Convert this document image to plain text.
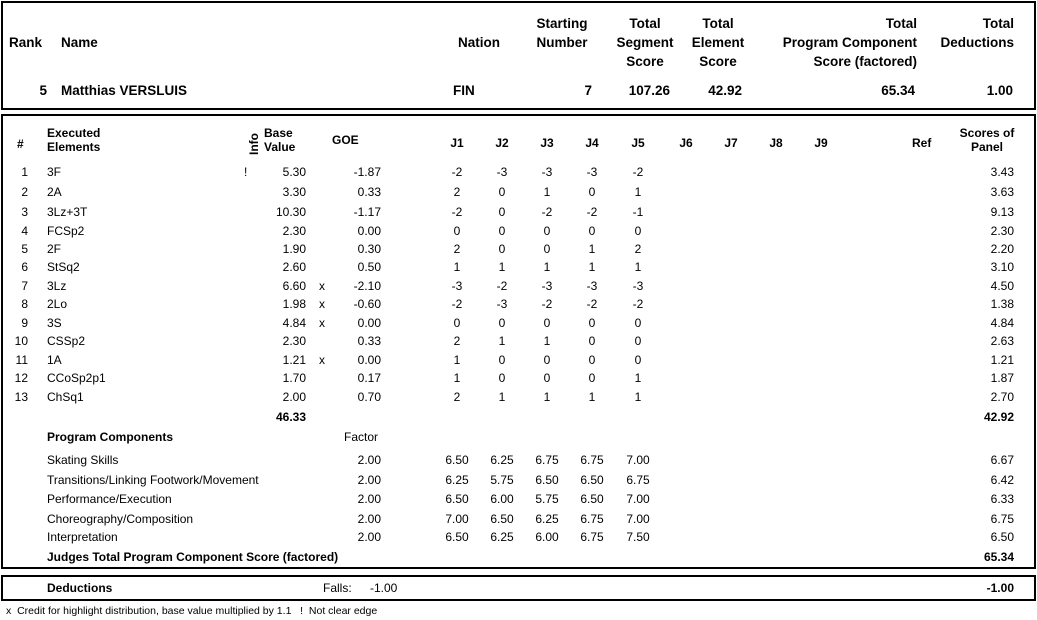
Rank Name	Nation
Starting
Number
Total
Segment
Score
Total
Element
Score
Total
Program Component
Score (factored)
Total
Deductions
5 Matthias VERSLUIS	FIN	7	107.26	42.92	65.34	1.00
#
Executed
Elements	Info Base
Value	GOE	J1	J2	J3	J4	J5	J6	J7	J8	J9	Ref
Scores of
Panel
1 3F	!	5.30	-1.87	-2	-3	-3	-3	-2	3.43
2 2A	3.30	0.33	2	0	1	0	1	3.63
3 3Lz+3T	10.30	-1.17	-2	0	-2	-2	-1	9.13
4 FCSp2	2.30	0.00	0	0	0	0	0	2.30
5 2F	1.90	0.30	2	0	0	1	2	2.20
6 StSq2	2.60	0.50	1	1	1	1	1	3.10
7 3Lz	6.60 x	-2.10	-3	-2	-3	-3	-3	4.50
8 2Lo	1.98 x	-0.60	-2	-3	-2	-2	-2	1.38
9 3S	4.84 x	0.00	0	0	0	0	0	4.84
10 CSSp2	2.30	0.33	2	1	1	0	0	2.63
11 1A	1.21 x	0.00	1	0	0	0	0	1.21
12 CCoSp2p1	1.70	0.17	1	0	0	0	1	1.87
13 ChSq1	2.00	0.70	2	1	1	1	1	2.70
46.33	42.92
Program Components	Factor
Skating Skills	2.00	6.50	6.25	6.75	6.75	7.00	6.67
Transitions/Linking Footwork/Movement	2.00	6.25	5.75	6.50	6.50	6.75	6.42
Performance/Execution	2.00	6.50	6.00	5.75	6.50	7.00	6.33
Choreography/Composition	2.00	7.00	6.50	6.25	6.75	7.00	6.75
Interpretation	2.00	6.50	6.25	6.00	6.75	7.50	6.50
Judges Total Program Component Score (factored)	65.34
Deductions	Falls: -1.00	-1.00
x  Credit for highlight distribution, base value multiplied by 1.1   !  Not clear edge
